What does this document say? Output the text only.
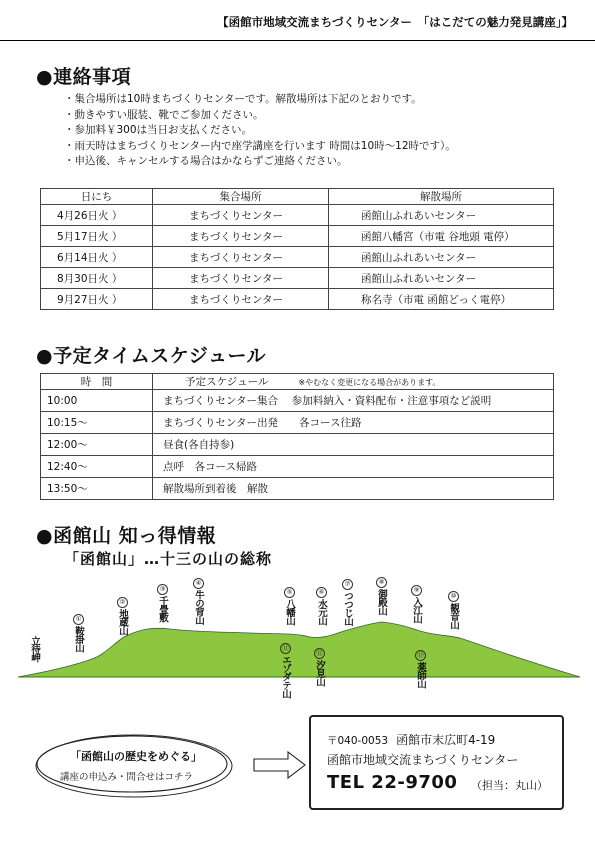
【函館市地域交流まちづくりセンター　「はこだての魅力発見講座」】
●連絡事項
・集合場所は10時まちづくりセンターです。解散場所は下記のとおりです。
・動きやすい服装、靴でご参加ください。
・参加料￥300は当日お支払ください。
・雨天時はまちづくりセンター内で座学講座を行います 時間は10時～12時です）。
・申込後、キャンセルする場合はかならずご連絡ください。
日にち	集合場所	解散場所
4月26日火 ）	まちづくりセンター	函館山ふれあいセンター
5月17日火 ）	まちづくりセンター	函館八幡宮（市電 谷地頭 電停）
6月14日火 ）	まちづくりセンター	函館山ふれあいセンター
8月30日火 ）	まちづくりセンター	函館山ふれあいセンター
9月27日火 ）	まちづくりセンター	称名寺（市電 函館どっく電停）
●予定タイムスケジュール
時　間	予定スケジュール ※やむなく変更になる場合があります。
10:00	まちづくりセンター集合　 参加料納入・資料配布・注意事項など説明
10:15～	まちづくりセンター出発　　各コース往路
12:00～	昼食(各自持参)
12:40～	点呼　各コース帰路
13:50～	解散場所到着後　解散
●函館山 知っ得情報
「函館山」…十三の山の総称
立待岬
①
鞍掛山
②
地蔵山
③
千畳敷
④
牛の背山	⑤
八幡山
⑥
水元山
⑦
つつじ山
⑧
御殿山	⑨
入江山
⑩
観音山
⑪
エゾダテ山
⑫
汐見山
⑬
薬師山
「函館山の歴史をめぐる」
講座の申込み・問合せはコチラ
〒040-0053 函館市末広町4-19
函館市地域交流まちづくりセンター
TEL 22-9700 （担当：丸山）
